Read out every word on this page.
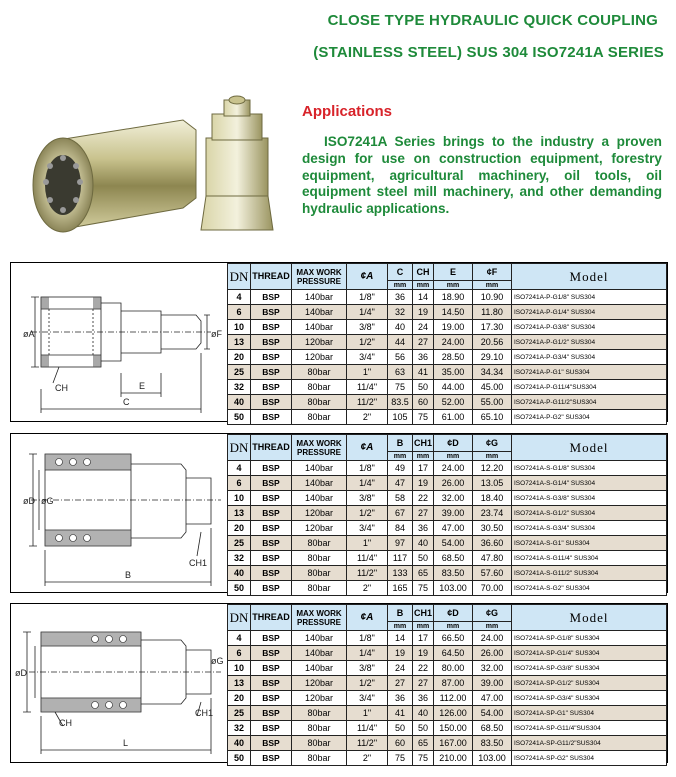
CLOSE TYPE HYDRAULIC QUICK COUPLING
(STAINLESS STEEL) SUS 304 ISO7241A SERIES
Applications
ISO7241A Series brings to the industry a proven design for use on construction equipment, forestry equipment, agricultural machinery, oil tools, oil equipment steel mill machinery, and other demanding hydraulic applications.
øA	øF
CH	E
C
DN	THREAD	MAX WORK PRESSURE	¢A	C	CH	E	¢F	Model
				mm	mm	mm	mm	
4	BSP	140bar	1/8"	36	14	18.90	10.90	ISO7241A-P-G1/8" SUS304
6	BSP	140bar	1/4"	32	19	14.50	11.80	ISO7241A-P-G1/4" SUS304
10	BSP	140bar	3/8"	40	24	19.00	17.30	ISO7241A-P-G3/8" SUS304
13	BSP	120bar	1/2"	44	27	24.00	20.56	ISO7241A-P-G1/2" SUS304
20	BSP	120bar	3/4"	56	36	28.50	29.10	ISO7241A-P-G3/4" SUS304
25	BSP	80bar	1"	63	41	35.00	34.34	ISO7241A-P-G1" SUS304
32	BSP	80bar	11/4"	75	50	44.00	45.00	ISO7241A-P-G11/4"SUS304
40	BSP	80bar	11/2"	83.5	60	52.00	55.00	ISO7241A-P-G11/2"SUS304
50	BSP	80bar	2"	105	75	61.00	65.10	ISO7241A-P-G2" SUS304
øD øG
CH1
B
DN	THREAD	MAX WORK PRESSURE	¢A	B	CH1	¢D	¢G	Model
				mm	mm	mm	mm	
4	BSP	140bar	1/8"	49	17	24.00	12.20	ISO7241A-S-G1/8" SUS304
6	BSP	140bar	1/4"	47	19	26.00	13.05	ISO7241A-S-G1/4" SUS304
10	BSP	140bar	3/8"	58	22	32.00	18.40	ISO7241A-S-G3/8" SUS304
13	BSP	120bar	1/2"	67	27	39.00	23.74	ISO7241A-S-G1/2" SUS304
20	BSP	120bar	3/4"	84	36	47.00	30.50	ISO7241A-S-G3/4" SUS304
25	BSP	80bar	1"	97	40	54.00	36.60	ISO7241A-S-G1" SUS304
32	BSP	80bar	11/4"	117	50	68.50	47.80	ISO7241A-S-G11/4" SUS304
40	BSP	80bar	11/2"	133	65	83.50	57.60	ISO7241A-S-G11/2" SUS304
50	BSP	80bar	2"	165	75	103.00	70.00	ISO7241A-S-G2" SUS304
øD
øG
CH
CH1
L
DN	THREAD	MAX WORK PRESSURE	¢A	B	CH1	¢D	¢G	Model
				mm	mm	mm	mm	
4	BSP	140bar	1/8"	14	17	66.50	24.00	ISO7241A-SP-G1/8" SUS304
6	BSP	140bar	1/4"	19	19	64.50	26.00	ISO7241A-SP-G1/4" SUS304
10	BSP	140bar	3/8"	24	22	80.00	32.00	ISO7241A-SP-G3/8" SUS304
13	BSP	120bar	1/2"	27	27	87.00	39.00	ISO7241A-SP-G1/2" SUS304
20	BSP	120bar	3/4"	36	36	112.00	47.00	ISO7241A-SP-G3/4" SUS304
25	BSP	80bar	1"	41	40	126.00	54.00	ISO7241A-SP-G1" SUS304
32	BSP	80bar	11/4"	50	50	150.00	68.50	ISO7241A-SP-G11/4"SUS304
40	BSP	80bar	11/2"	60	65	167.00	83.50	ISO7241A-SP-G11/2"SUS304
50	BSP	80bar	2"	75	75	210.00	103.00	ISO7241A-SP-G2" SUS304
